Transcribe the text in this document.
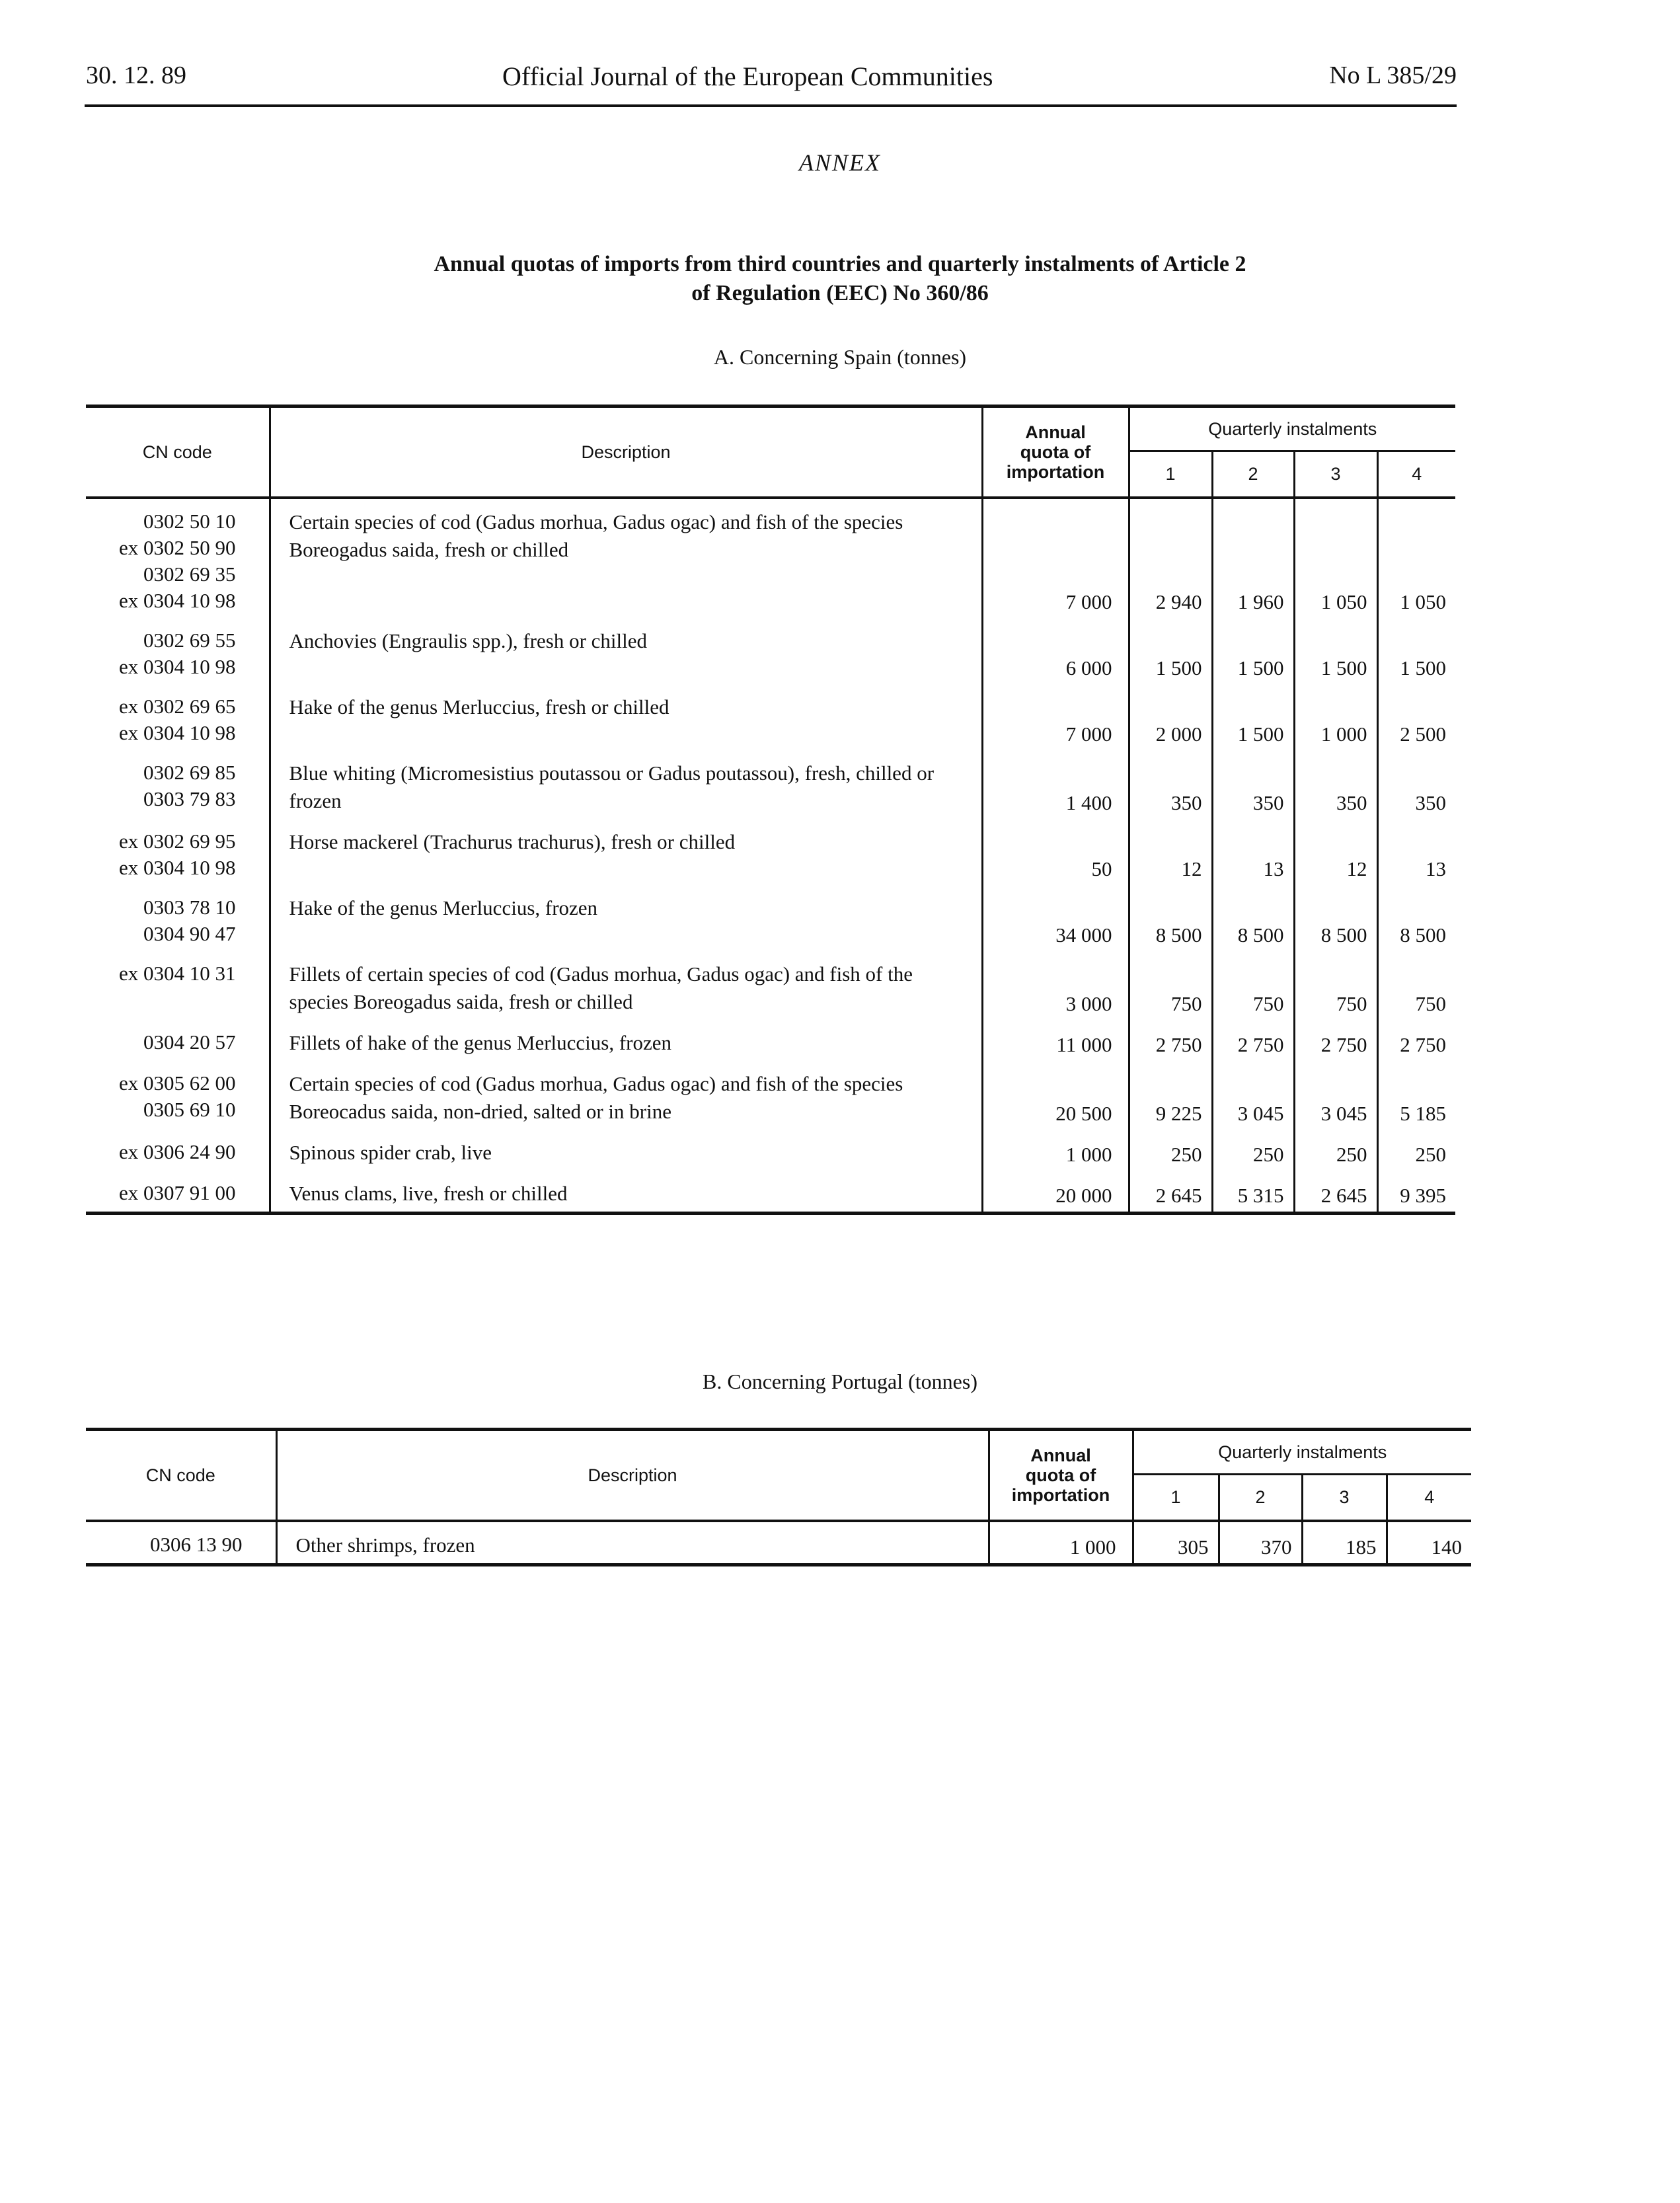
30. 12. 89	Official Journal of the European Communities	No L 385/29
ANNEX
Annual quotas of imports from third countries and quarterly instalments of Article 2
of Regulation (EEC) No 360/86
A. Concerning Spain (tonnes)
CN code	Description	Annual
quota of
importation	Quarterly instalments			
			1	2	3	4

0302 50 10
ex 0302 50 90
0302 69 35
ex 0304 10 98	Certain species of cod (Gadus morhua, Gadus ogac) and fish of the species Boreogadus saida, fresh or chilled	7 000	2 940	1 960	1 050	1 050

0302 69 55
ex 0304 10 98	Anchovies (Engraulis spp.), fresh or chilled	6 000	1 500	1 500	1 500	1 500

ex 0302 69 65
ex 0304 10 98	Hake of the genus Merluccius, fresh or chilled	7 000	2 000	1 500	1 000	2 500

0302 69 85
0303 79 83	Blue whiting (Micromesistius poutassou or Gadus poutassou), fresh, chilled or frozen	1 400	350	350	350	350

ex 0302 69 95
ex 0304 10 98	Horse mackerel (Trachurus trachurus), fresh or chilled	50	12	13	12	13

0303 78 10
0304 90 47	Hake of the genus Merluccius, frozen	34 000	8 500	8 500	8 500	8 500

ex 0304 10 31	Fillets of certain species of cod (Gadus morhua, Gadus ogac) and fish of the species Boreogadus saida, fresh or chilled	3 000	750	750	750	750

0304 20 57	Fillets of hake of the genus Merluccius, frozen	11 000	2 750	2 750	2 750	2 750

ex 0305 62 00
0305 69 10	Certain species of cod (Gadus morhua, Gadus ogac) and fish of the species Boreocadus saida, non-dried, salted or in brine	20 500	9 225	3 045	3 045	5 185

ex 0306 24 90	Spinous spider crab, live	1 000	250	250	250	250

ex 0307 91 00	Venus clams, live, fresh or chilled	20 000	2 645	5 315	2 645	9 395
B. Concerning Portugal (tonnes)
CN code	Description	Annual
quota of
importation	Quarterly instalments			
			1	2	3	4

0306 13 90	Other shrimps, frozen	1 000	305	370	185	140
